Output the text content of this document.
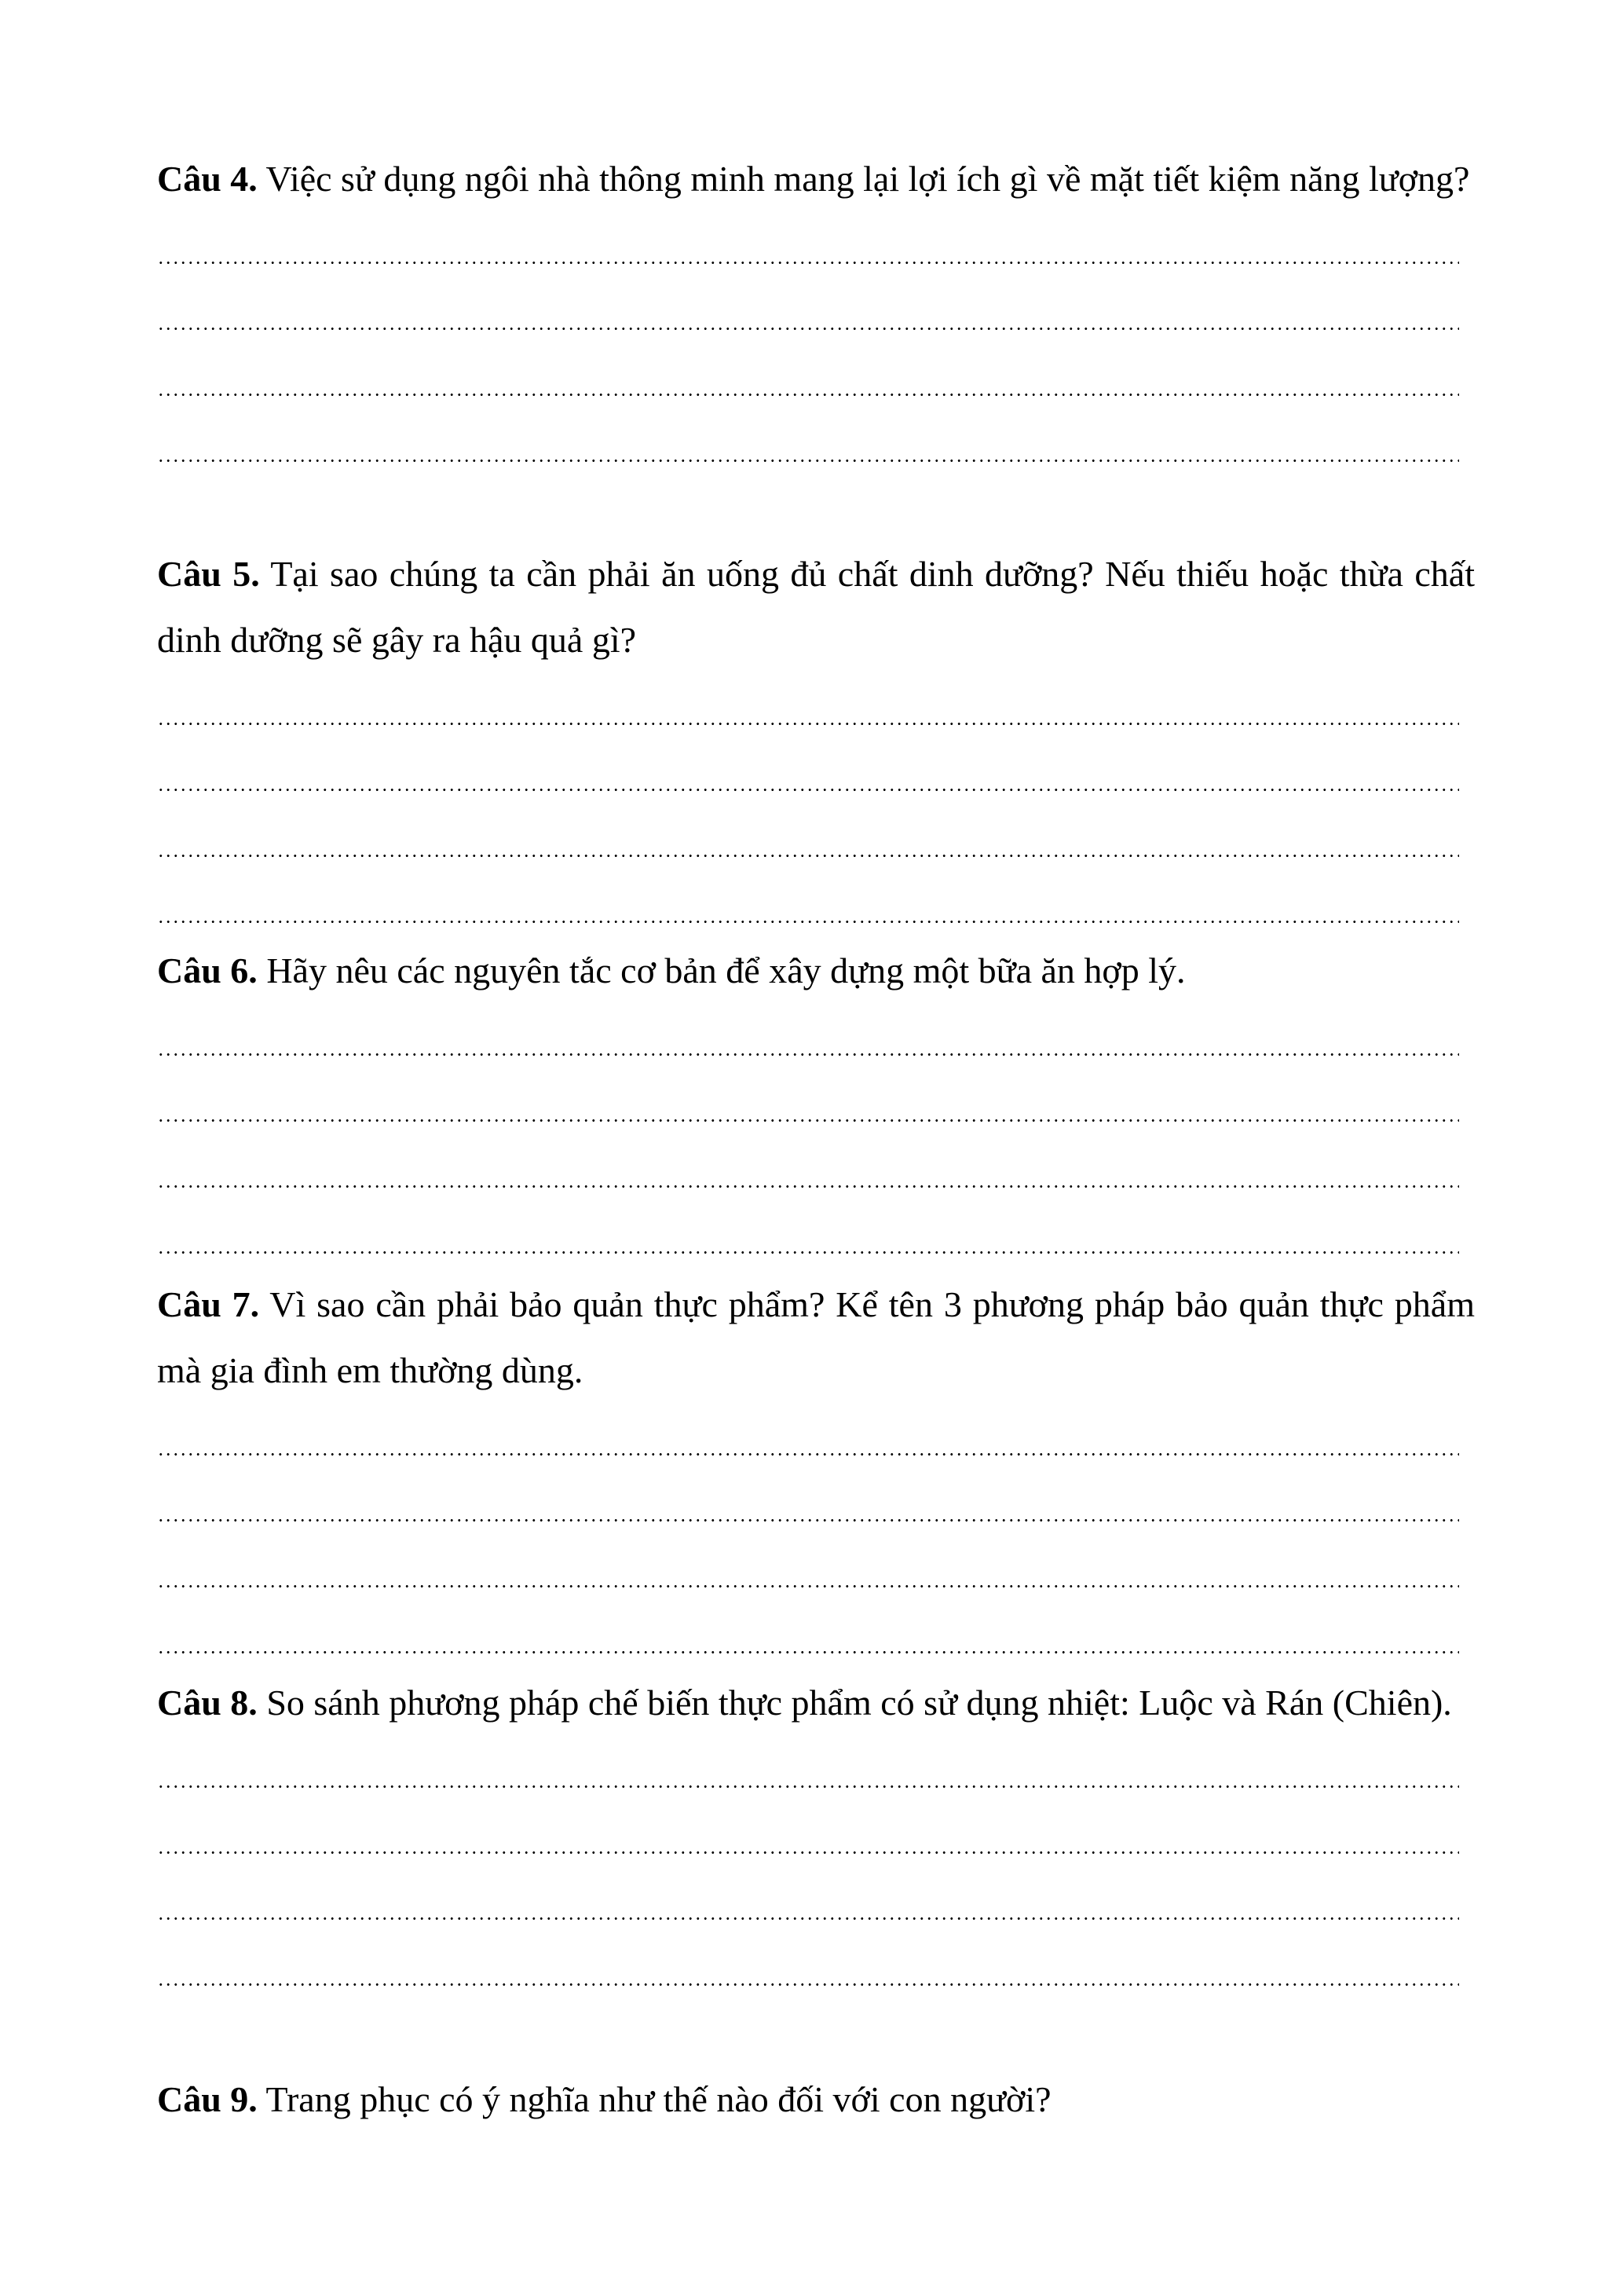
Câu 4. Việc sử dụng ngôi nhà thông minh mang lại lợi ích gì về mặt tiết kiệm năng lượng?

Câu 5. Tại sao chúng ta cần phải ăn uống đủ chất dinh dưỡng? Nếu thiếu hoặc thừa chất dinh dưỡng sẽ gây ra hậu quả gì?

Câu 6. Hãy nêu các nguyên tắc cơ bản để xây dựng một bữa ăn hợp lý.

Câu 7. Vì sao cần phải bảo quản thực phẩm? Kể tên 3 phương pháp bảo quản thực phẩm mà gia đình em thường dùng.

Câu 8. So sánh phương pháp chế biến thực phẩm có sử dụng nhiệt: Luộc và Rán (Chiên).

Câu 9. Trang phục có ý nghĩa như thế nào đối với con người?
